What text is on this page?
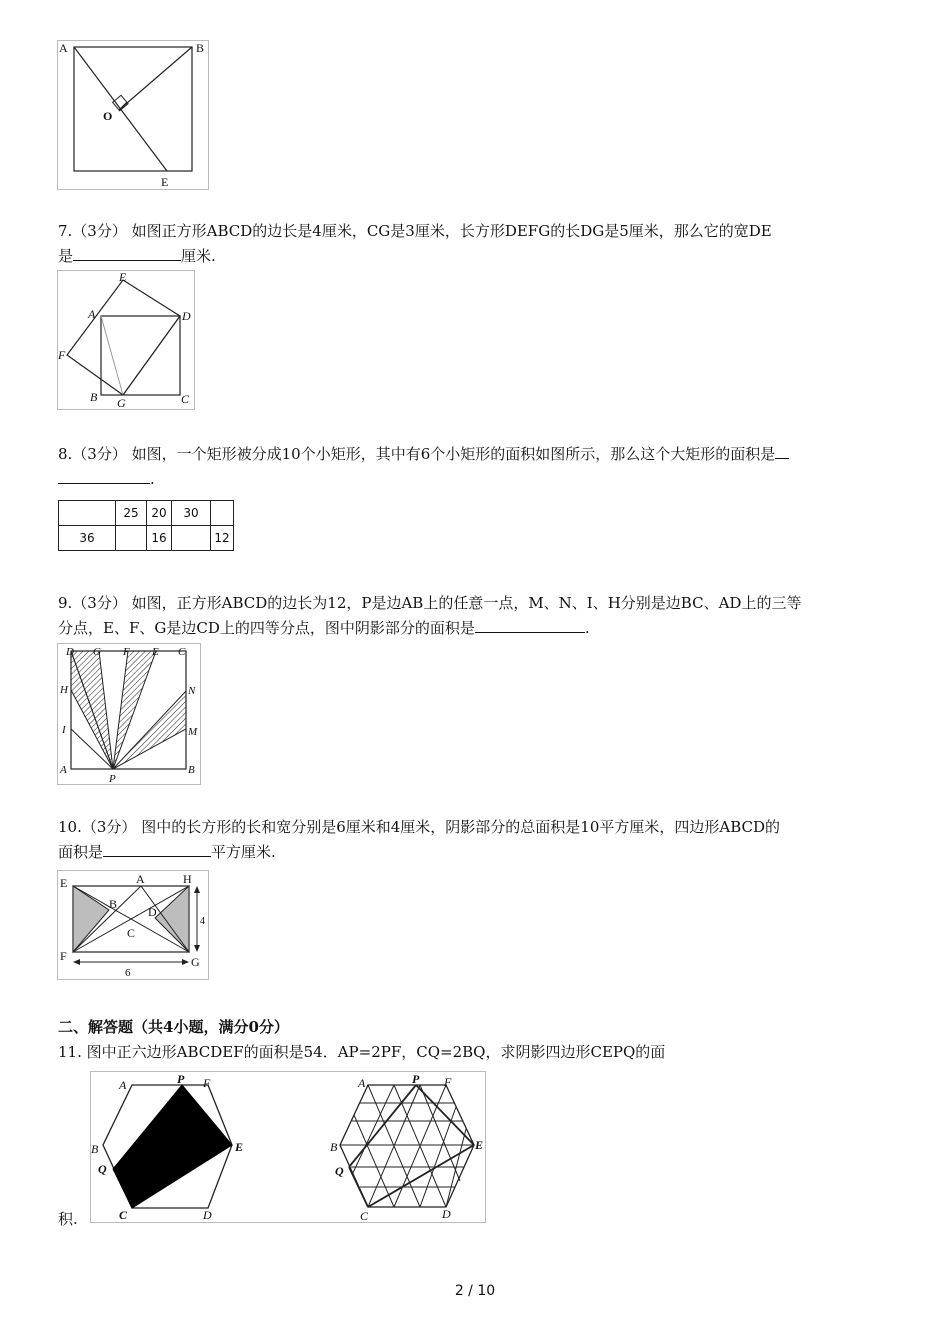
A	B
O
E
7.（3分） 如图正方形ABCD的边长是4厘米，CG是3厘米，长方形DEFG的长DG是5厘米，那么它的宽DE
是	厘米.
E
A	D
F
B G	C
8.（3分） 如图，一个矩形被分成10个小矩形，其中有6个小矩形的面积如图所示，那么这个大矩形的面积是
.
	25	20	30	
36		16		12
9.（3分） 如图，正方形ABCD的边长为12，P是边AB上的任意一点，M、N、I、H分别是边BC、AD上的三等
分点，E、F、G是边CD上的四等分点，图中阴影部分的面积是	.
D G F E C
H	N
I	M
A
P
B
10.（3分） 图中的长方形的长和宽分别是6厘米和4厘米，阴影部分的总面积是10平方厘米，四边形ABCD的
面积是	平方厘米.
E	A	H
B
D
C
F	G
4
6
二、解答题（共4小题，满分0分）
11. 图中正六边形ABCDEF的面积是54．AP=2PF，CQ=2BQ，求阴影四边形CEPQ的面
积.
A	P F
B	E
Q
C	D
A	P F
B	E
Q
C	D
2 / 10
